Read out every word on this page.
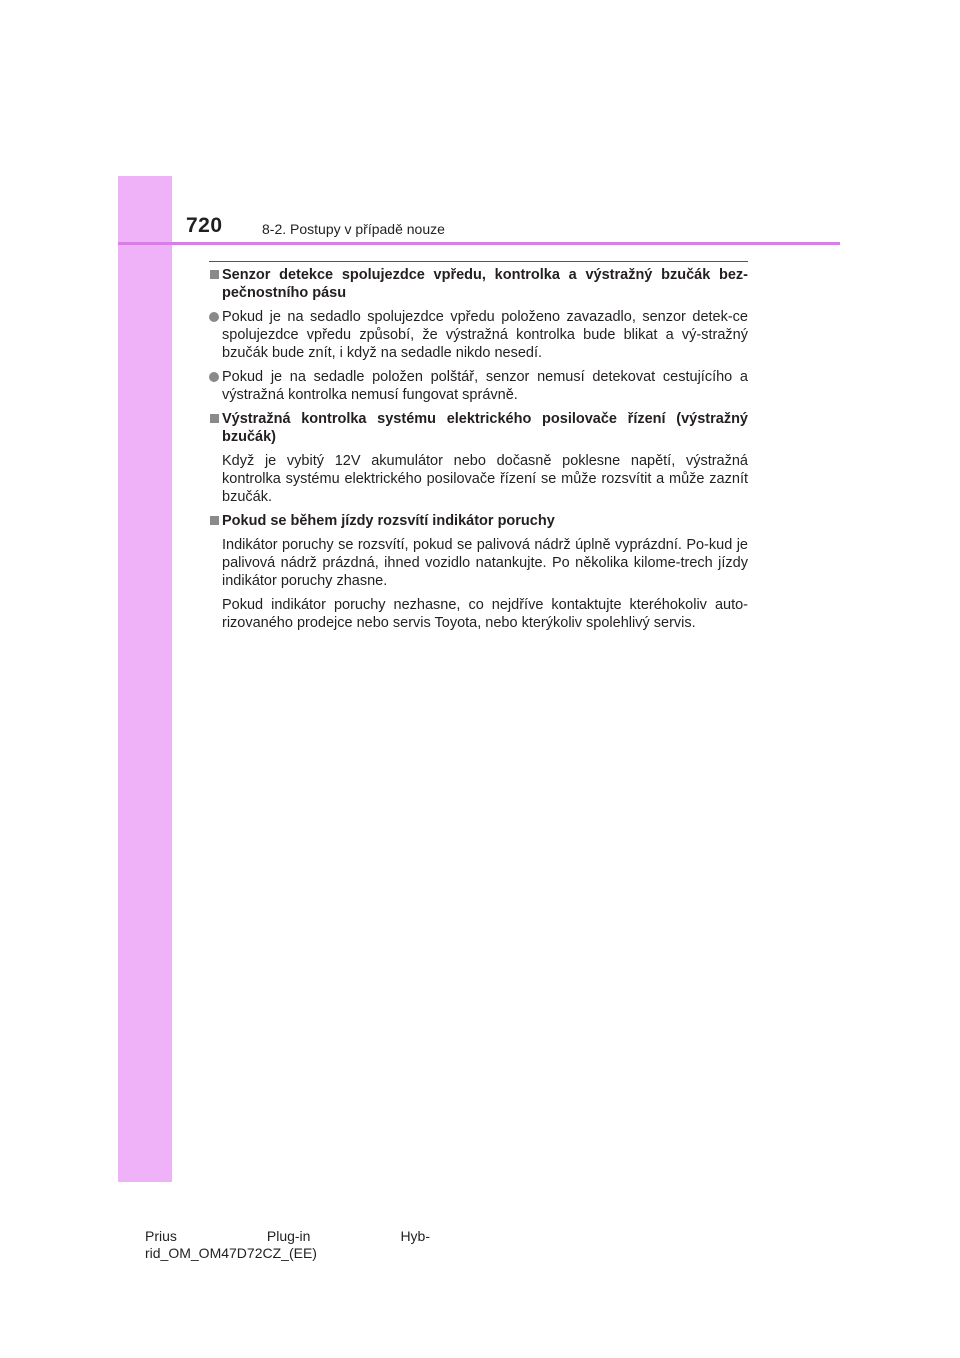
720	8-2. Postupy v případě nouze
Senzor detekce spolujezdce vpředu, kontrolka a výstražný bzučák bez-pečnostního pásu
Pokud je na sedadlo spolujezdce vpředu položeno zavazadlo, senzor detek-ce spolujezdce vpředu způsobí, že výstražná kontrolka bude blikat a vý-stražný bzučák bude znít, i když na sedadle nikdo nesedí.
Pokud je na sedadle položen polštář, senzor nemusí detekovat cestujícího a výstražná kontrolka nemusí fungovat správně.
Výstražná kontrolka systému elektrického posilovače řízení (výstražný bzučák)
Když je vybitý 12V akumulátor nebo dočasně poklesne napětí, výstražná kontrolka systému elektrického posilovače řízení se může rozsvítit a může zaznít bzučák.
Pokud se během jízdy rozsvítí indikátor poruchy
Indikátor poruchy se rozsvítí, pokud se palivová nádrž úplně vyprázdní. Po-kud je palivová nádrž prázdná, ihned vozidlo natankujte. Po několika kilome-trech jízdy indikátor poruchy zhasne.
Pokud indikátor poruchy nezhasne, co nejdříve kontaktujte kteréhokoliv auto-rizovaného prodejce nebo servis Toyota, nebo kterýkoliv spolehlivý servis.
Prius	Plug-in	Hyb-
rid_OM_OM47D72CZ_(EE)
